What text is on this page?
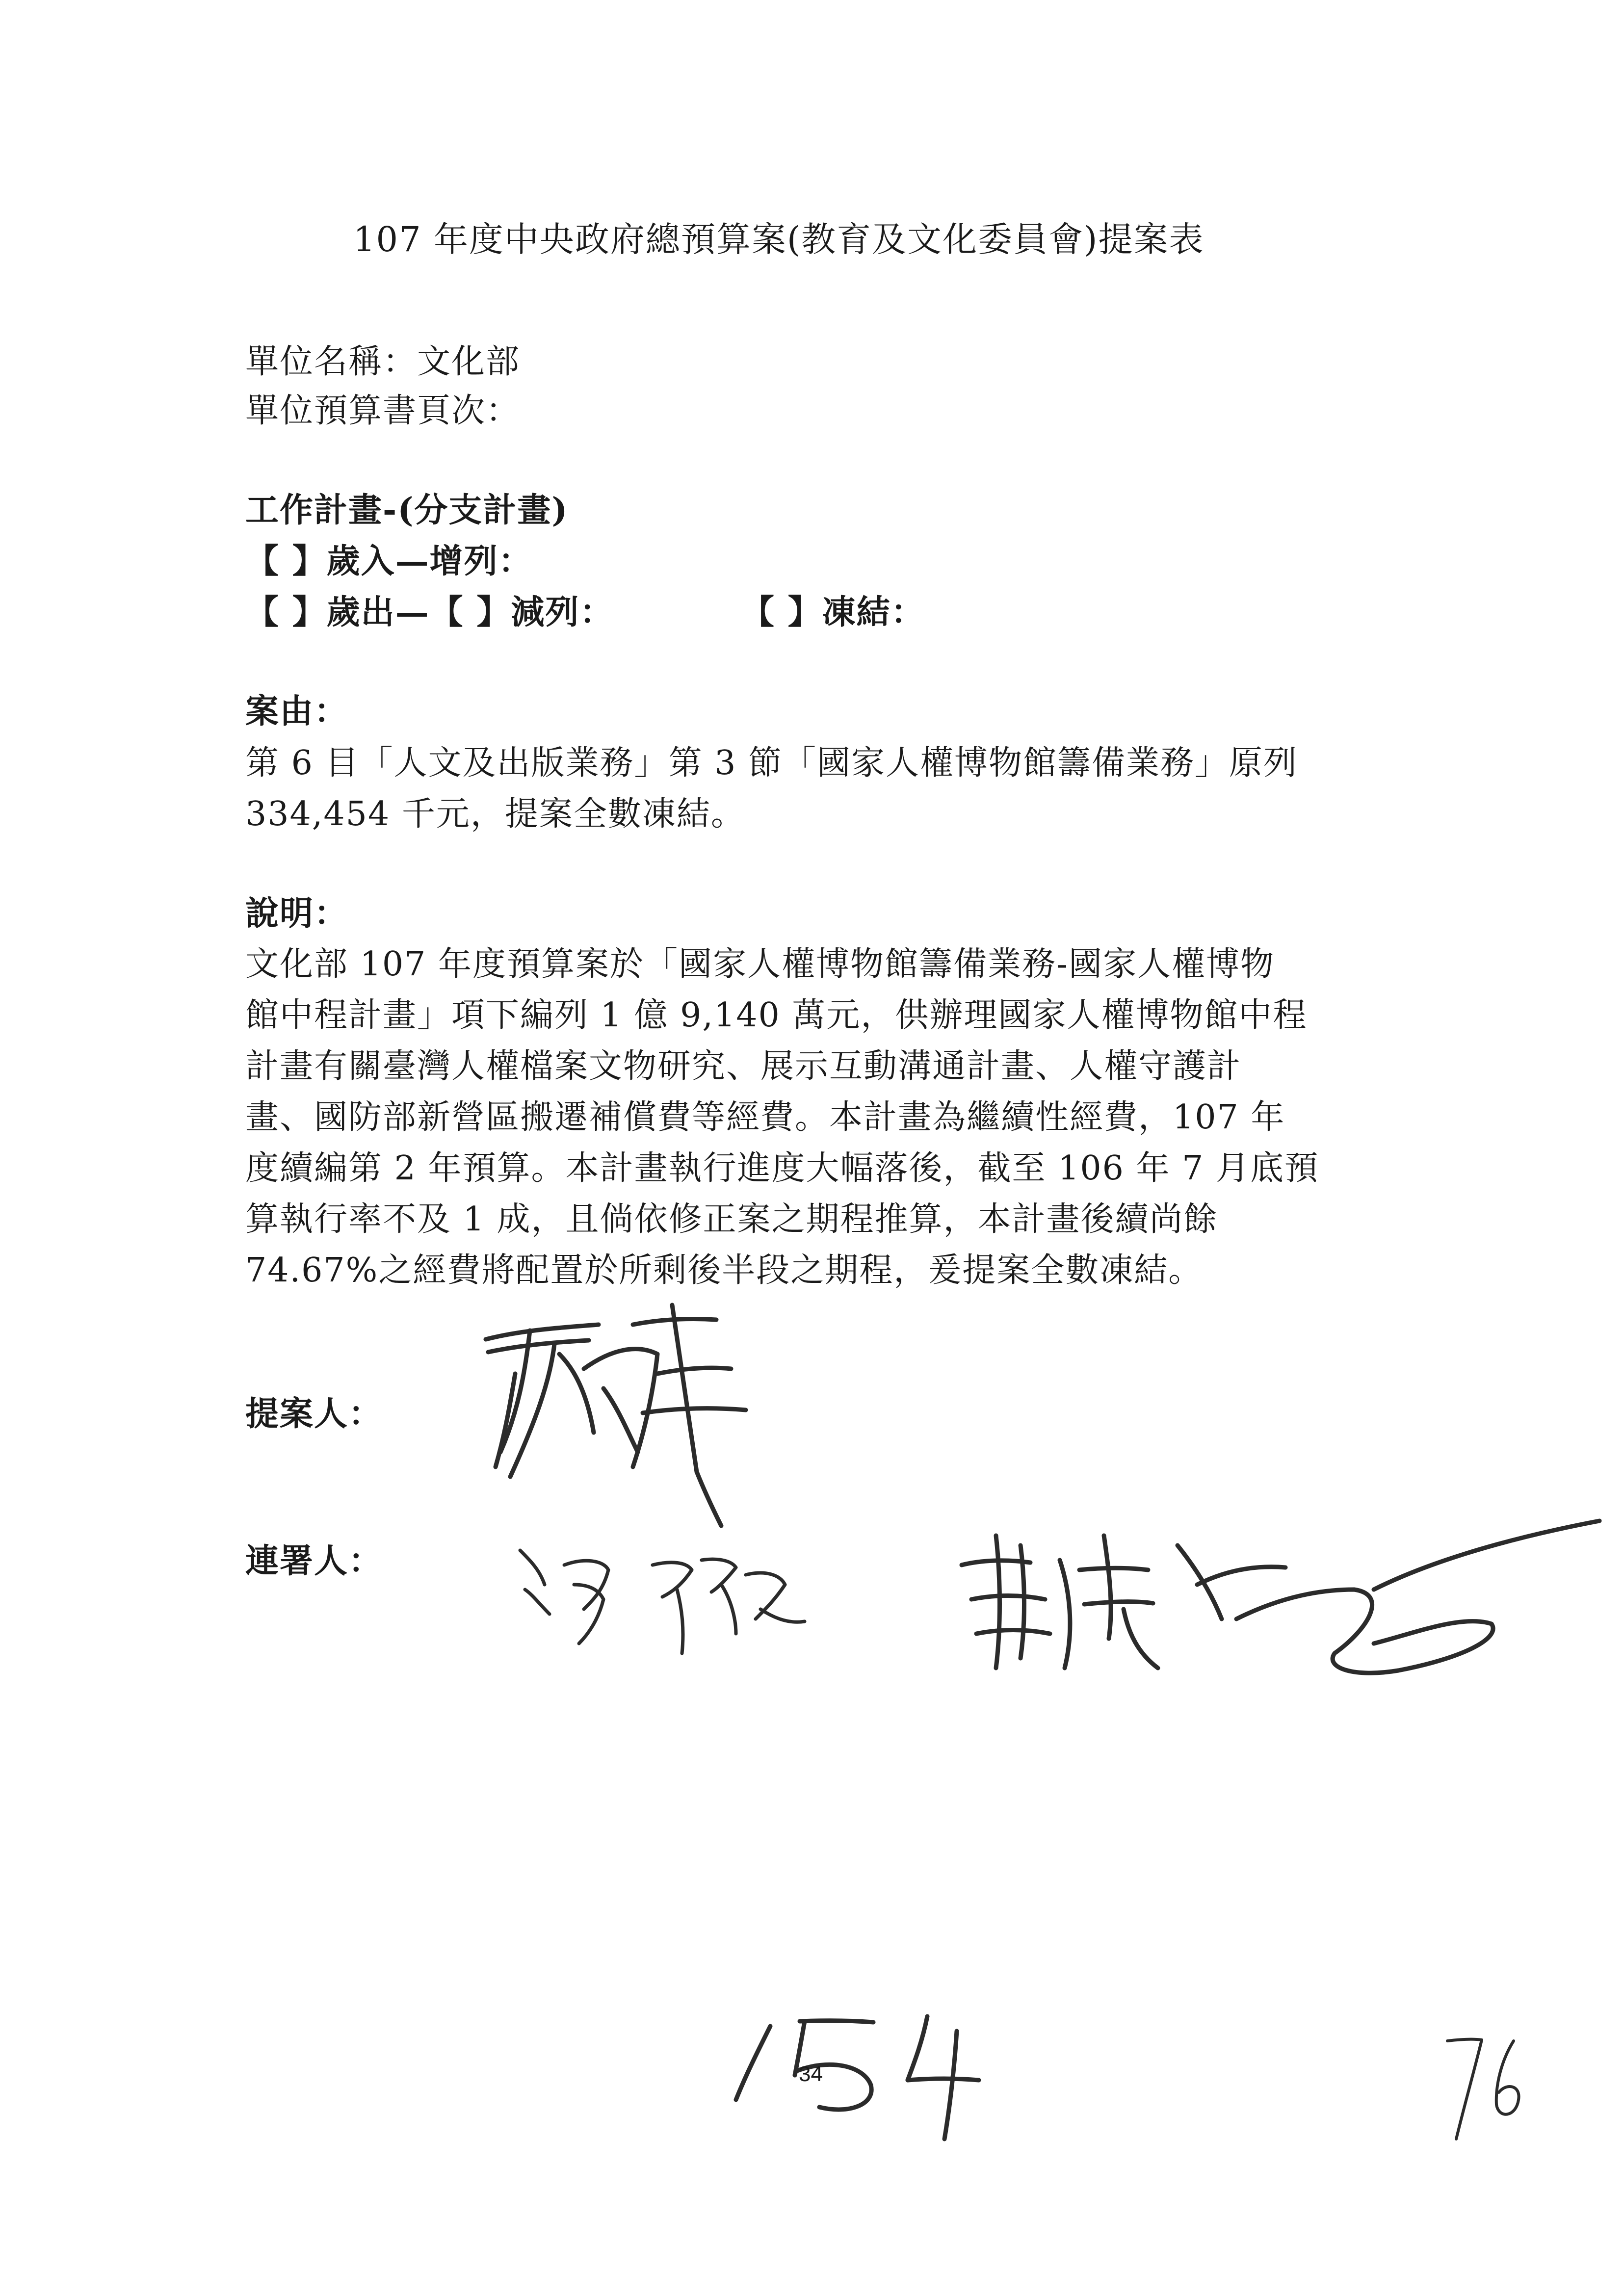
107 年度中央政府總預算案(教育及文化委員會)提案表
單位名稱：文化部
單位預算書頁次：
工作計畫-(分支計畫)
【 】歲入—增列：
【 】歲出—【 】減列：	【 】凍結：
案由：
第 6 目「人文及出版業務」第 3 節「國家人權博物館籌備業務」原列
334,454 千元，提案全數凍結。
說明：
文化部 107 年度預算案於「國家人權博物館籌備業務-國家人權博物
館中程計畫」項下編列 1 億 9,140 萬元，供辦理國家人權博物館中程
計畫有關臺灣人權檔案文物研究、展示互動溝通計畫、人權守護計
畫、國防部新營區搬遷補償費等經費。本計畫為繼續性經費，107 年
度續編第 2 年預算。本計畫執行進度大幅落後，截至 106 年 7 月底預
算執行率不及 1 成，且倘依修正案之期程推算，本計畫後續尚餘
74.67%之經費將配置於所剩後半段之期程，爰提案全數凍結。
提案人：
連署人：
34
